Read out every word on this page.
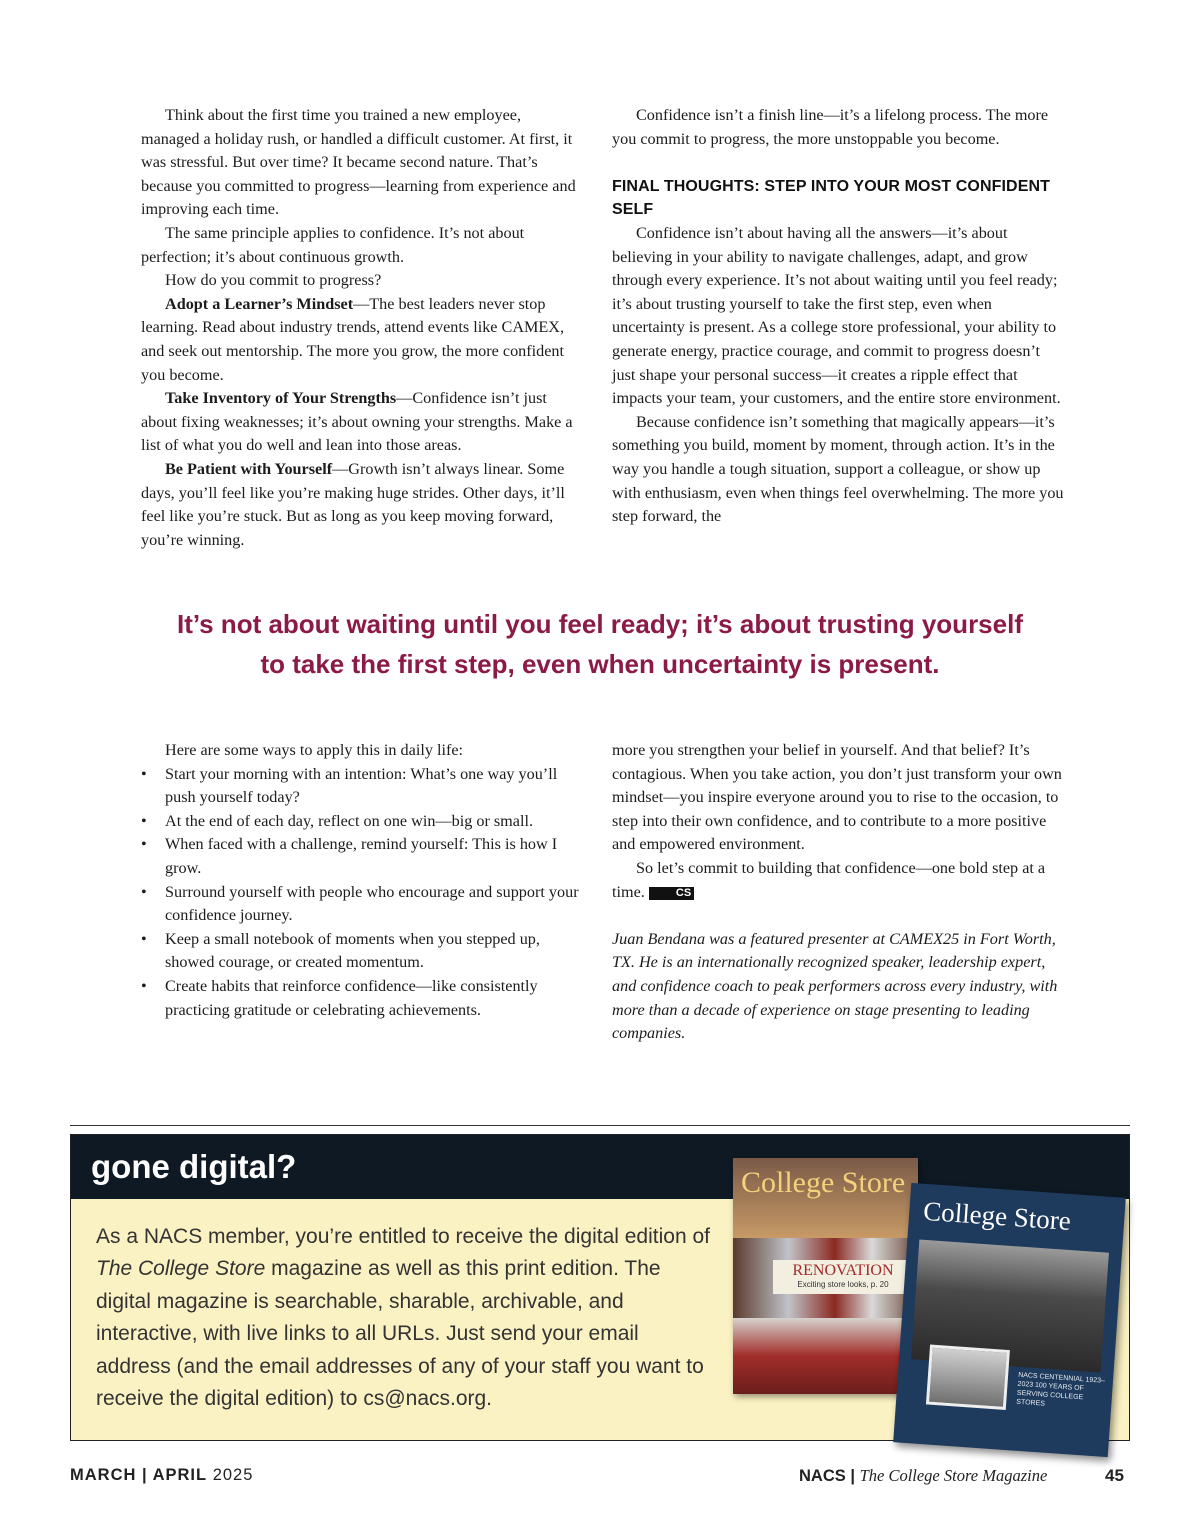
Think about the first time you trained a new employee, managed a holiday rush, or handled a difficult customer. At first, it was stressful. But over time? It became second nature. That’s because you committed to progress—learning from experience and improving each time.

The same principle applies to confidence. It’s not about perfection; it’s about continuous growth.

How do you commit to progress?

Adopt a Learner’s Mindset—The best leaders never stop learning. Read about industry trends, attend events like CAMEX, and seek out mentorship. The more you grow, the more confident you become.

Take Inventory of Your Strengths—Confidence isn’t just about fixing weaknesses; it’s about owning your strengths. Make a list of what you do well and lean into those areas.

Be Patient with Yourself—Growth isn’t always linear. Some days, you’ll feel like you’re making huge strides. Other days, it’ll feel like you’re stuck. But as long as you keep moving forward, you’re winning.

Confidence isn’t a finish line—it’s a lifelong process. The more you commit to progress, the more unstoppable you become.

FINAL THOUGHTS: STEP INTO YOUR MOST CONFIDENT SELF

Confidence isn’t about having all the answers—it’s about believing in your ability to navigate challenges, adapt, and grow through every experience. It’s not about waiting until you feel ready; it’s about trusting yourself to take the first step, even when uncertainty is present. As a college store professional, your ability to generate energy, practice courage, and commit to progress doesn’t just shape your personal success—it creates a ripple effect that impacts your team, your customers, and the entire store environment.

Because confidence isn’t something that magically appears—it’s something you build, moment by moment, through action. It’s in the way you handle a tough situation, support a colleague, or show up with enthusiasm, even when things feel overwhelming. The more you step forward, the

It’s not about waiting until you feel ready; it’s about trusting yourself
to take the first step, even when uncertainty is present.

Here are some ways to apply this in daily life:

• Start your morning with an intention: What’s one way you’ll push yourself today?
• At the end of each day, reflect on one win—big or small.
• When faced with a challenge, remind yourself: This is how I grow.
• Surround yourself with people who encourage and support your confidence journey.
• Keep a small notebook of moments when you stepped up, showed courage, or created momentum.
• Create habits that reinforce confidence—like consistently practicing gratitude or celebrating achievements.

more you strengthen your belief in yourself. And that belief? It’s contagious. When you take action, you don’t just transform your own mindset—you inspire everyone around you to rise to the occasion, to step into their own confidence, and to contribute to a more positive and empowered environment.

So let’s commit to building that confidence—one bold step at a time.	CS

Juan Bendana was a featured presenter at CAMEX25 in Fort Worth, TX. He is an internationally recognized speaker, leadership expert, and confidence coach to peak performers across every industry, with more than a decade of experience on stage presenting to leading companies.

gone digital?
As a NACS member, you’re entitled to receive the digital edition of The College Store magazine as well as this print edition. The digital magazine is searchable, sharable, archivable, and interactive, with live links to all URLs. Just send your email address (and the email addresses of any of your staff you want to receive the digital edition) to cs@nacs.org.
College Store
RENOVATION
Exciting store looks, p. 20
College Store
NACS CENTENNIAL 1923–2023 100 YEARS OF SERVING COLLEGE STORES
MARCH | APRIL 2025	NACS | The College Store Magazine	45
